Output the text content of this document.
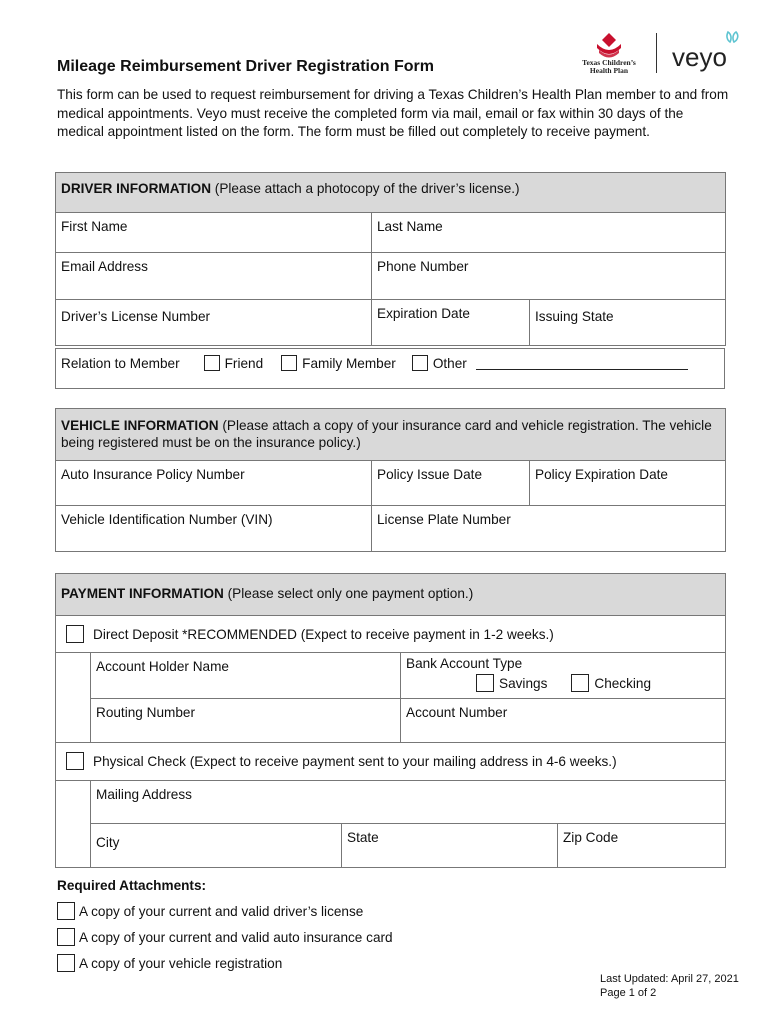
Texas Children’s
Health Plan veyo
Mileage Reimbursement Driver Registration Form
This form can be used to request reimbursement for driving a Texas Children’s Health Plan member to and from medical appointments. Veyo must receive the completed form via mail, email or fax within 30 days of the medical appointment listed on the form. The form must be filled out completely to receive payment.
DRIVER INFORMATION (Please attach a photocopy of the driver’s license.)		
First Name	Last Name	
Email Address	Phone Number	
Driver’s License Number	Expiration Date	Issuing State
Relation to Member	Friend	Family Member	Other
VEHICLE INFORMATION (Please attach a copy of your insurance card and vehicle registration. The vehicle being registered must be on the insurance policy.)		
Auto Insurance Policy Number	Policy Issue Date	Policy Expiration Date
Vehicle Identification Number (VIN)	License Plate Number	
PAYMENT INFORMATION (Please select only one payment option.)				

Direct Deposit *RECOMMENDED (Expect to receive payment in 1-2 weeks.)				

	Account Holder Name		Bank Account Type
Savings Checking	

	Routing Number		Account Number	

Physical Check (Expect to receive payment sent to your mailing address in 4-6 weeks.)				

	Mailing Address			
	City	State		Zip Code
Required Attachments:
A copy of your current and valid driver’s license
A copy of your current and valid auto insurance card
A copy of your vehicle registration
Last Updated: April 27, 2021
Page 1 of 2
